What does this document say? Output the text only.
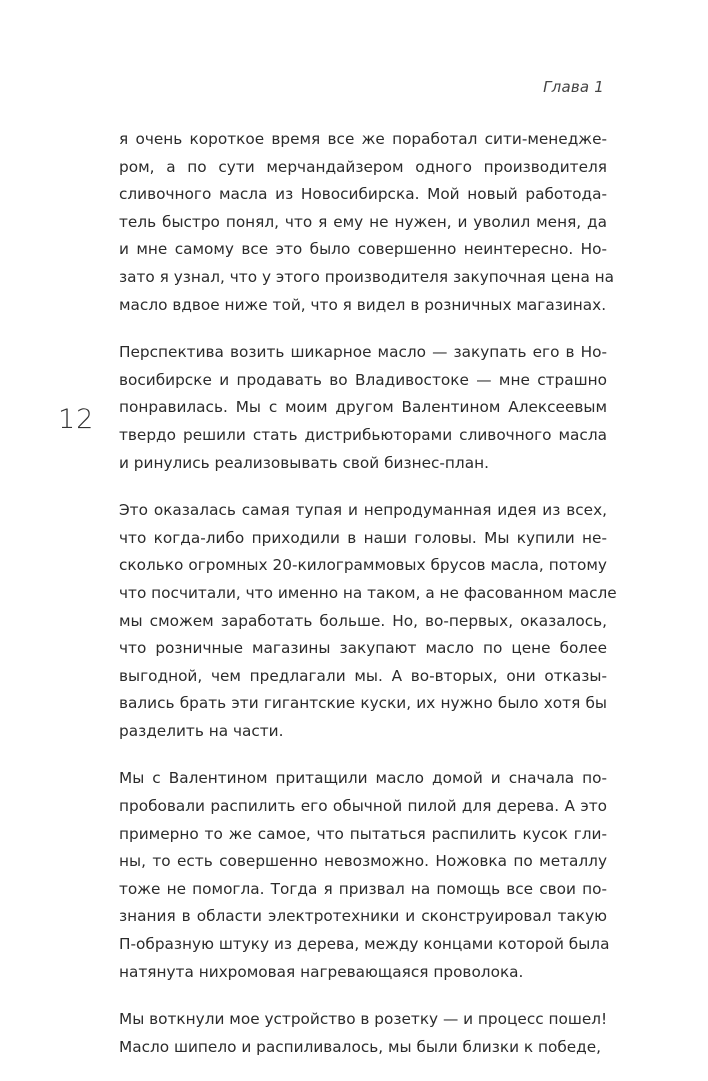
Глава 1
12
я очень короткое время все же поработал сити-менедже-
ром, а по сути мерчандайзером одного производителя
сливочного масла из Новосибирска. Мой новый работода-
тель быстро понял, что я ему не нужен, и уволил меня, да
и мне самому все это было совершенно неинтересно. Но-
зато я узнал, что у этого производителя закупочная цена на
масло вдвое ниже той, что я видел в розничных магазинах.
Перспектива возить шикарное масло — закупать его в Но-
восибирске и продавать во Владивостоке — мне страшно
понравилась. Мы с моим другом Валентином Алексеевым
твердо решили стать дистрибьюторами сливочного масла
и ринулись реализовывать свой бизнес-план.
Это оказалась самая тупая и непродуманная идея из всех,
что когда-либо приходили в наши головы. Мы купили не-
сколько огромных 20-килограммовых брусов масла, потому
что посчитали, что именно на таком, а не фасованном масле
мы сможем заработать больше. Но, во-первых, оказалось,
что розничные магазины закупают масло по цене более
выгодной, чем предлагали мы. А во-вторых, они отказы-
вались брать эти гигантские куски, их нужно было хотя бы
разделить на части.
Мы с Валентином притащили масло домой и сначала по-
пробовали распилить его обычной пилой для дерева. А это
примерно то же самое, что пытаться распилить кусок гли-
ны, то есть совершенно невозможно. Ножовка по металлу
тоже не помогла. Тогда я призвал на помощь все свои по-
знания в области электротехники и сконструировал такую
П-образную штуку из дерева, между концами которой была
натянута нихромовая нагревающаяся проволока.
Мы воткнули мое устройство в розетку — и процесс пошел!
Масло шипело и распиливалось, мы были близки к победе,
